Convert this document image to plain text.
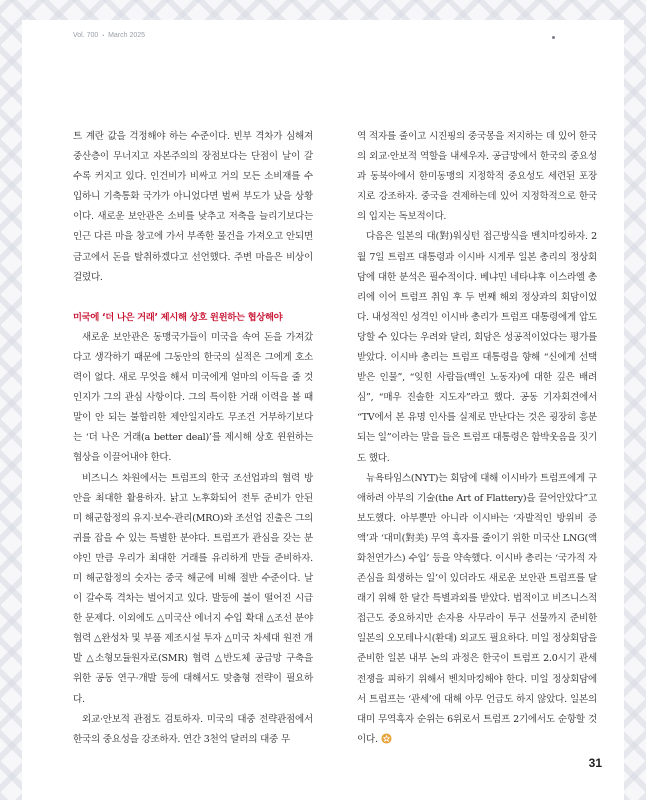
Vol. 700 • March 2025

트 계란 값을 걱정해야 하는 수준이다. 빈부 격차가 심해져 중산층이 무너지고 자본주의의 장점보다는 단점이 날이 갈수록 커지고 있다. 인건비가 비싸고 거의 모든 소비재를 수입하니 기축통화 국가가 아니었다면 벌써 부도가 났을 상황이다. 새로운 보안관은 소비를 낮추고 저축을 늘리기보다는 인근 다른 마을 창고에 가서 부족한 물건을 가져오고 안되면 금고에서 돈을 탈취하겠다고 선언했다. 주변 마을은 비상이 걸렸다.

미국에 ‘더 나은 거래’ 제시해 상호 윈윈하는 협상해야

새로운 보안관은 동맹국가들이 미국을 속여 돈을 가져갔다고 생각하기 때문에 그동안의 한국의 실적은 그에게 호소력이 없다. 새로 무엇을 해서 미국에게 얼마의 이득을 줄 것인지가 그의 관심 사항이다. 그의 특이한 거래 이력을 볼 때 말이 안 되는 불합리한 제안일지라도 무조건 거부하기보다는 ‘더 나은 거래(a better deal)’를 제시해 상호 윈윈하는 협상을 이끌어내야 한다.

비즈니스 차원에서는 트럼프의 한국 조선업과의 협력 방안을 최대한 활용하자. 낡고 노후화되어 전투 준비가 안된 미 해군함정의 유지·보수·관리(MRO)와 조선업 진출은 그의 귀를 잡을 수 있는 특별한 분야다. 트럼프가 관심을 갖는 분야인 만큼 우리가 최대한 거래를 유리하게 만들 준비하자. 미 해군함정의 숫자는 중국 해군에 비해 절반 수준이다. 날이 갈수록 격차는 벌어지고 있다. 발등에 불이 떨어진 시급한 문제다. 이외에도 △미국산 에너지 수입 확대 △조선 분야 협력 △완성차 및 부품 제조시설 투자 △미국 차세대 원전 개발 △소형모듈원자로(SMR) 협력 △반도체 공급망 구축을 위한 공동 연구·개발 등에 대해서도 맞춤형 전략이 필요하다.

외교·안보적 관점도 검토하자. 미국의 대중 전략관점에서 한국의 중요성을 강조하자. 연간 3천억 달러의 대중 무

역 적자를 줄이고 시진핑의 중국몽을 저지하는 데 있어 한국의 외교·안보적 역할을 내세우자. 공급망에서 한국의 중요성과 동북아에서 한미동맹의 지정학적 중요성도 세련된 포장지로 강조하자. 중국을 견제하는데 있어 지정학적으로 한국의 입지는 독보적이다.

다음은 일본의 대(對)워싱턴 접근방식을 벤치마킹하자. 2월 7일 트럼프 대통령과 이시바 시게루 일본 총리의 정상회담에 대한 분석은 필수적이다. 베냐민 네타냐후 이스라엘 총리에 이어 트럼프 취임 후 두 번째 해외 정상과의 회담이었다. 내성적인 성격인 이시바 총리가 트럼프 대통령에게 압도당할 수 있다는 우려와 달리, 회담은 성공적이었다는 평가를 받았다. 이시바 총리는 트럼프 대통령을 향해 “신에게 선택받은 인물”, “잊힌 사람들(백인 노동자)에 대한 깊은 배려심”, “매우 진솔한 지도자”라고 했다. 공동 기자회견에서 “TV에서 본 유명 인사를 실제로 만난다는 것은 굉장히 흥분되는 일”이라는 말을 들은 트럼프 대통령은 함박웃음을 짓기도 했다.

뉴욕타임스(NYT)는 회담에 대해 이시바가 트럼프에게 구애하려 아부의 기술(the Art of Flattery)을 끌어안았다”고 보도했다. 아부뿐만 아니라 이시바는 ‘자발적인 방위비 증액’과 ‘대미(對美) 무역 흑자를 줄이기 위한 미국산 LNG(액화천연가스) 수입’ 등을 약속했다. 이시바 총리는 ‘국가적 자존심을 희생하는 일’이 있더라도 새로운 보안관 트럼프를 달래기 위해 한 달간 특별과외를 받았다. 법적이고 비즈니스적 접근도 중요하지만 손자용 사무라이 투구 선물까지 준비한 일본의 오모테나시(환대) 외교도 필요하다. 미일 정상회담을 준비한 일본 내부 논의 과정은 한국이 트럼프 2.0시기 관세전쟁을 피하기 위해서 벤치마킹해야 한다. 미일 정상회담에서 트럼프는 ‘관세’에 대해 아무 언급도 하지 않았다. 일본의 대미 무역흑자 순위는 6위로서 트럼프 2기에서도 순항할 것이다.

31
